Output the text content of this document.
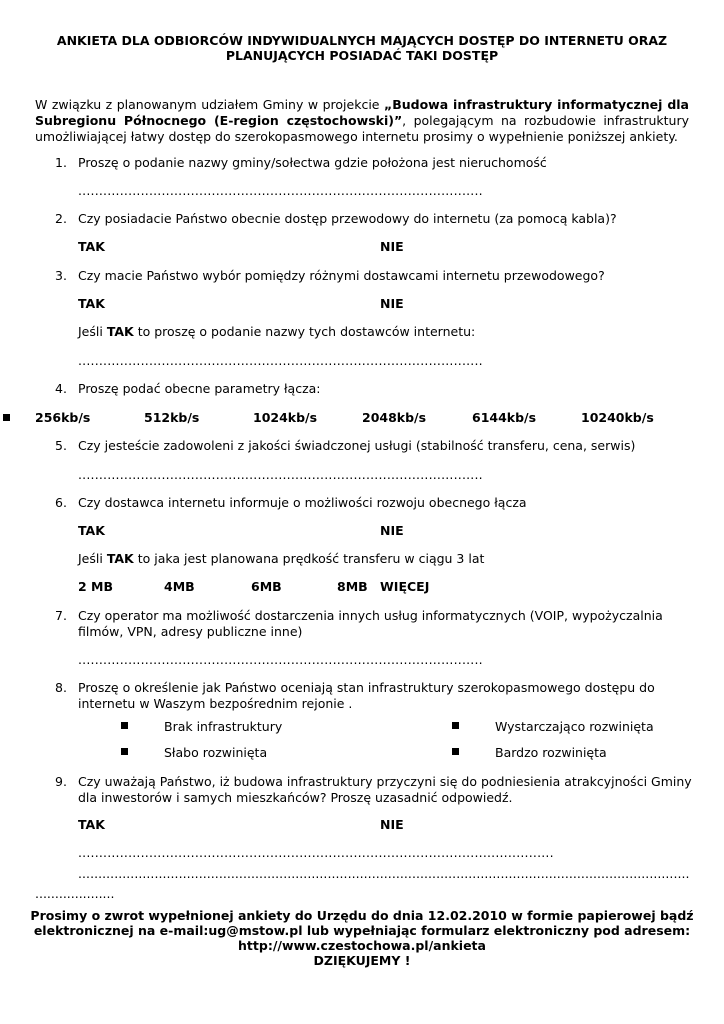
ANKIETA DLA ODBIORCÓW INDYWIDUALNYCH MAJĄCYCH DOSTĘP DO INTERNETU ORAZ
PLANUJĄCYCH POSIADAĆ TAKI DOSTĘP
W związku z planowanym udziałem Gminy w projekcie „Budowa infrastruktury informatycznej dla
Subregionu Północnego (E-region częstochowski)”, polegającym na rozbudowie infrastruktury
umożliwiającej łatwy dostęp do szerokopasmowego internetu prosimy o wypełnienie poniższej ankiety.
1. Proszę o podanie nazwy gminy/sołectwa gdzie położona jest nieruchomość
.................................................................................................
2. Czy posiadacie Państwo obecnie dostęp przewodowy do internetu (za pomocą kabla)?
TAK	NIE
3. Czy macie Państwo wybór pomiędzy różnymi dostawcami internetu przewodowego?
TAK	NIE
Jeśli TAK to proszę o podanie nazwy tych dostawców internetu:
.................................................................................................
4. Proszę podać obecne parametry łącza:
256kb/s	512kb/s	1024kb/s	2048kb/s	6144kb/s	10240kb/s
5. Czy jesteście zadowoleni z jakości świadczonej usługi (stabilność transferu, cena, serwis)
.................................................................................................
6. Czy dostawca internetu informuje o możliwości rozwoju obecnego łącza
TAK	NIE
Jeśli TAK to jaka jest planowana prędkość transferu w ciągu 3 lat
2 MB	4MB	6MB	8MB WIĘCEJ
7. Czy operator ma możliwość dostarczenia innych usług informatycznych (VOIP, wypożyczalnia
filmów, VPN, adresy publiczne inne)
.................................................................................................
8. Proszę o określenie jak Państwo oceniają stan infrastruktury szerokopasmowego dostępu do
internetu w Waszym bezpośrednim rejonie .
Brak infrastruktury	Wystarczająco rozwinięta
Słabo rozwinięta	Bardzo rozwinięta
9. Czy uważają Państwo, iż budowa infrastruktury przyczyni się do podniesienia atrakcyjności Gminy
dla inwestorów i samych mieszkańców? Proszę uzasadnić odpowiedź.
TAK	NIE
..................................................................................................................
........................................................................................................................................................
....................
Prosimy o zwrot wypełnionej ankiety do Urzędu do dnia 12.02.2010 w formie papierowej bądź
elektronicznej na e-mail:ug@mstow.pl lub wypełniając formularz elektroniczny pod adresem:
http://www.czestochowa.pl/ankieta
DZIĘKUJEMY !
